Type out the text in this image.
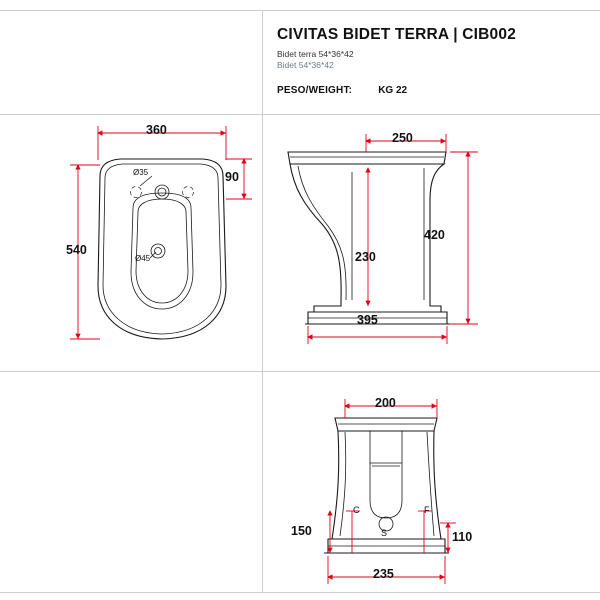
CIVITAS BIDET TERRA | CIB002
Bidet terra 54*36*42
Bidet 54*36*42
PESO/WEIGHT:	KG 22
360
90
540
Ø35
Ø45
250
420
230
395
200
150	110
235
C	F
S
